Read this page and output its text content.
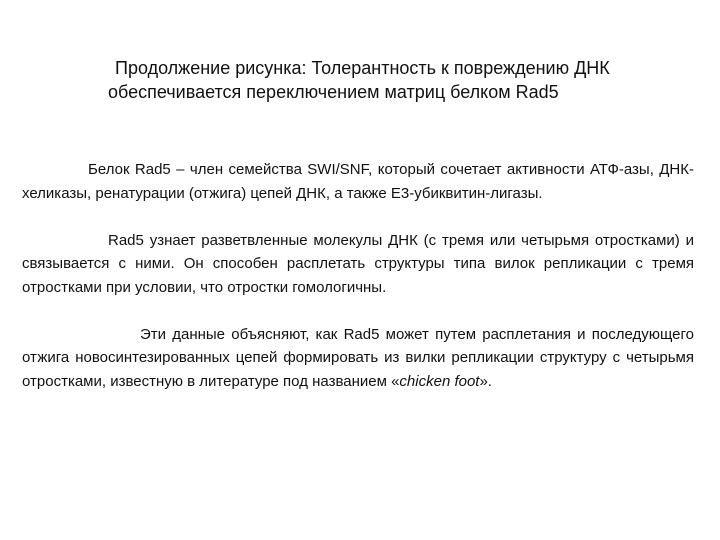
Продолжение рисунка: Толерантность к повреждению ДНК
обеспечивается переключением матриц белком Rad5

Белок Rad5 – член семейства SWI/SNF, который сочетает активности АТФ-азы, ДНК-хеликазы, ренатурации (отжига) цепей ДНК, а также Е3-убиквитин-лигазы.

Rad5 узнает разветвленные молекулы ДНК (с тремя или четырьмя отростками) и связывается с ними. Он способен расплетать структуры типа вилок репликации с тремя отростками при условии, что отростки гомологичны.

Эти данные объясняют, как Rad5 может путем расплетания и последующего отжига новосинтезированных цепей формировать из вилки репликации структуру с четырьмя отростками, известную в литературе под названием «chicken foot».
